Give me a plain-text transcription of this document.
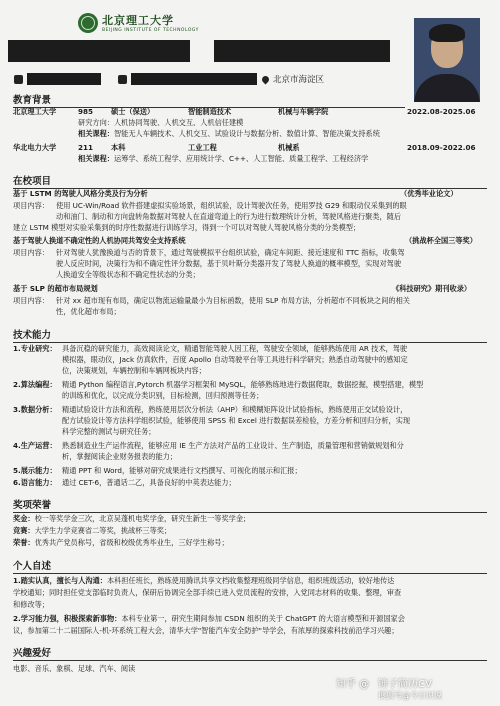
北京理工大学
BEIJING INSTITUTE OF TECHNOLOGY
北京市海淀区
教育背景
北京理工大学	985 硕士（保送）	智能制造技术	机械与车辆学院	2022.08-2025.06
研究方向：人机协同驾驶、人机交互、人机信任建模
相关课程：智能无人车辆技术、人机交互、试验设计与数据分析、数值计算、智能决策支持系统
华北电力大学	211 本科	工业工程	机械系	2018.09-2022.06
相关课程：运筹学、系统工程学、应用统计学、C++、人工智能、质量工程学、工程经济学
在校项目
基于 LSTM 的驾驶人风格分类及行为分析	（优秀毕业论文）
项目内容： 使用 UC-Win/Road 软件搭建虚拟实验场景，组织试验，设计驾驶次任务，使用罗技 G29 和眼动仪采集到的眼
动和油门、制动和方向盘转角数据对驾驶人在直道弯道上的行为进行数理统计分析，驾驶风格进行聚类，随后
建立 LSTM 模型对实验采集到的时序性数据进行训练学习，得到一个可以对驾驶人驾驶风格分类的分类模型；
基于驾驶人换道不确定性的人机协同共驾安全支持系统	（挑战杯全国三等奖）
项目内容： 针对驾驶人犹豫换道与否的背景下，通过驾驶模拟平台组织试验，确定车间距、接近速度和 TTC 指标，收集驾
驶人反应时间，决策行为和不确定性评分数据，基于贝叶斯分类器开发了驾驶人换道的概率模型，实现对驾驶
人换道安全等级状态和不确定性状态的分类；
基于 SLP 的超市布局规划	《科技研究》期刊收录）
项目内容： 针对 xx 超市现有布局，确定以物流运输量最小为目标函数，使用 SLP 布局方法，分析超市不同板块之间的相关
性，优化超市布局；
技术能力
1.专业研究： 具备沉稳的研究能力，高效阅读论文，精通智能驾驶人因工程，驾驶安全领域，能够熟练使用 AR 技术，驾驶
模拟器，眼动仪，Jack 仿真软件，百度 Apollo 自动驾驶平台等工具进行科学研究；熟悉自动驾驶中的感知定
位，决策规划，车辆控制和车辆网板块内容；
2.算法编程： 精通 Python 编程语言,Pytorch 机器学习框架和 MySQL，能够熟练地进行数据爬取，数据挖掘，模型搭建，模型
的训练和优化，以完成分类识别，目标检测，回归预测等任务；
3.数据分析： 精通试验设计方法和流程，熟练使用层次分析法（AHP）和模糊矩阵设计试验指标，熟练使用正交试验设计，
配方试验设计等方法科学组织试验，能够使用 SPSS 和 Excel 进行数据误差检验，方差分析和回归分析，实现
科学完整的测试与研究任务；
4.生产运营： 熟悉制造业生产运作流程，能够应用 IE 生产方法对产品的工业设计、生产制造，质量管理和营销做规划和分
析，掌握阅读企业财务报表的能力；
5.展示能力： 精通 PPT 和 Word，能够对研究成果进行文档撰写、可视化的展示和汇报；
6.语言能力： 通过 CET-6，普通话二乙，具备良好的中英表达能力；
奖项荣誉
奖金：校一等奖学金三次，北京吴蓬机电奖学金，研究生新生一等奖学金；
竞赛：大学生力学竞赛省二等奖，挑战杯三等奖；
荣誉：优秀共产党员称号，省级和校级优秀毕业生，三好学生称号；
个人自述
1.踏实认真，擅长与人沟通：本科担任班长，熟练使用腾讯共享文档收集整理班级同学信息，组织班级活动，较好地传达
学校通知；同时担任党支部临时负责人，保研后协调完全部手续已进入党员流程的安排，入党同志材料的收集、整理，审查
和修改等；
2.学习能力强，积极探索新事物：本科专业第一，研究生期间参加 CSDN 组织的关于 ChatGPT 的大语言模型和开源国家会
议，参加第二十二届国际人-机-环系统工程大会，清华大学"智能汽车安全防护"导学会，有浓厚的探索科技前沿学习兴趣；
兴趣爱好
电影、音乐、象棋、足球、汽车、阅读
知乎 @ 锤子简历CV
搜狐号@今日识说
